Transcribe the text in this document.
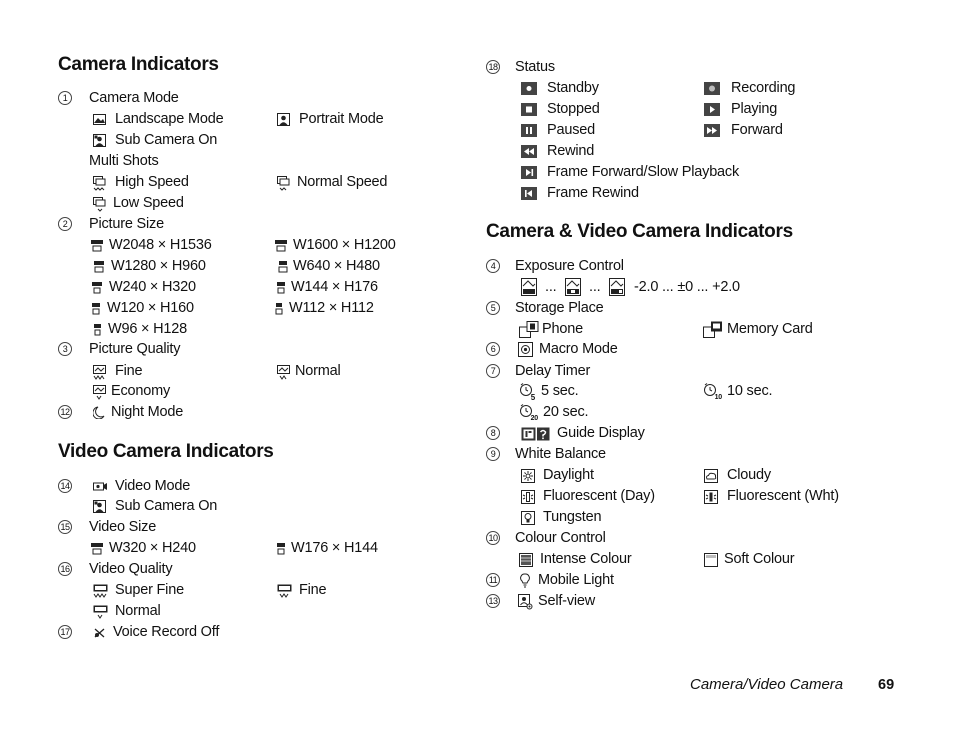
Camera Indicators
1	Camera Mode
Landscape Mode	Portrait Mode
Sub Camera On
Multi Shots
High Speed	Normal Speed
Low Speed
2	Picture Size
W2048 × H1536	W1600 × H1200
W1280 × H960	W640 × H480
W240 × H320	W144 × H176
W120 × H160	W112 × H112
W96 × H128
3	Picture Quality
Fine	Normal
Economy
12	Night Mode
Video Camera Indicators
14	Video Mode
Sub Camera On
15 Video Size
W320 × H240	W176 × H144
16 Video Quality
Super Fine	Fine
Normal
17	Voice Record Off
18 Status
Standby	Recording
Stopped	Playing
Paused	Forward
Rewind
Frame Forward/Slow Playback
Frame Rewind
Camera & Video Camera Indicators
4	Exposure Control
... ... -2.0 ... ±0 ... +2.0
5	Storage Place
Phone	Memory Card
6	Macro Mode
7	Delay Timer
5 5 sec.	10 10 sec.
20 20 sec.
8	Guide Display
9	White Balance
Daylight	Cloudy
Fluorescent (Day)	Fluorescent (Wht)
Tungsten
10 Colour Control
Intense Colour	Soft Colour
11	Mobile Light
13	Self-view
Camera/Video Camera 69
